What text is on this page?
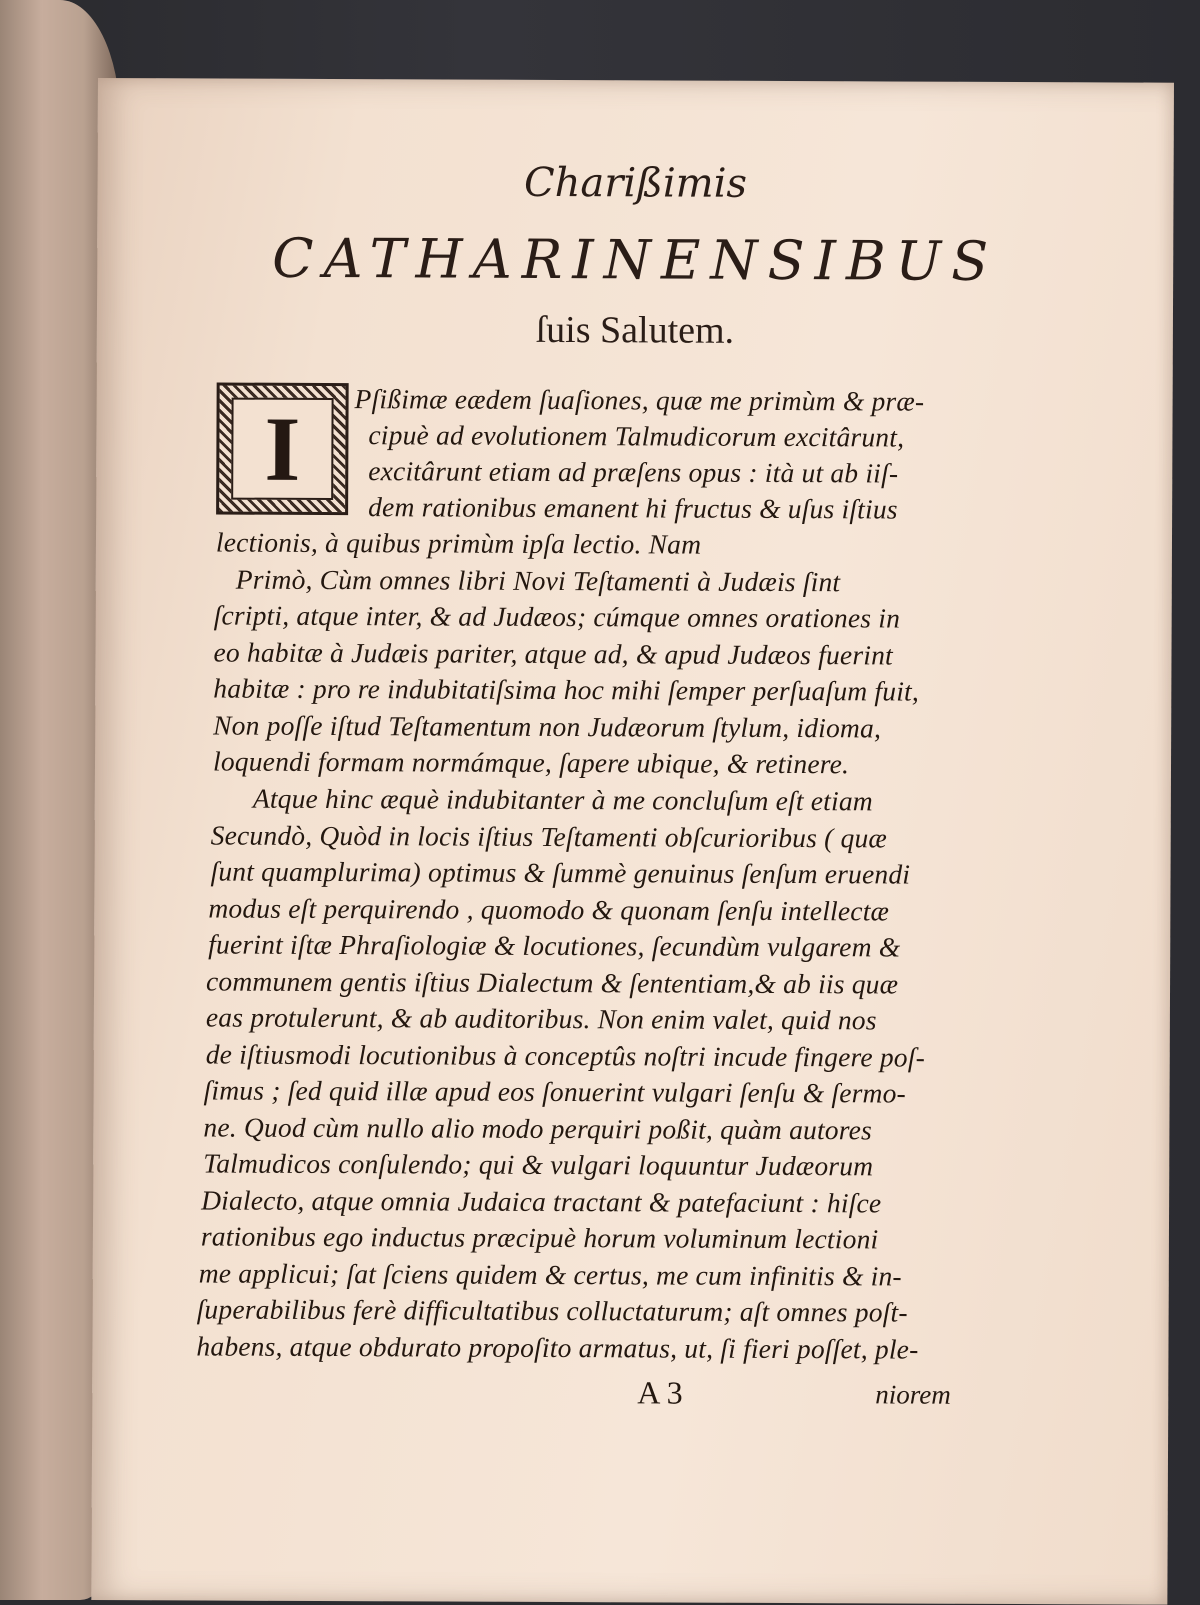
Charißimis
CATHARINENSIBUS
ſuis Salutem.
I	Pſißimæ eædem ſuaſiones, quæ me primùm & præ-
cipuè ad evolutionem Talmudicorum excitârunt,
excitârunt etiam ad præſens opus : ità ut ab iiſ-
dem rationibus emanent hi fructus & uſus iſtius
lectionis, à quibus primùm ipſa lectio. Nam
Primò, Cùm omnes libri Novi Teſtamenti à Judæis ſint
ſcripti, atque inter, & ad Judæos; cúmque omnes orationes in
eo habitæ à Judæis pariter, atque ad, & apud Judæos fuerint
habitæ : pro re indubitatiſsima hoc mihi ſemper perſuaſum fuit,
Non poſſe iſtud Teſtamentum non Judæorum ſtylum, idioma,
loquendi formam normámque, ſapere ubique, & retinere.
Atque hinc æquè indubitanter à me concluſum eſt etiam
Secundò, Quòd in locis iſtius Teſtamenti obſcurioribus ( quæ
ſunt quamplurima) optimus & ſummè genuinus ſenſum eruendi
modus eſt perquirendo , quomodo & quonam ſenſu intellectæ
fuerint iſtæ Phraſiologiæ & locutiones, ſecundùm vulgarem &
communem gentis iſtius Dialectum & ſententiam,& ab iis quæ
eas protulerunt, & ab auditoribus. Non enim valet, quid nos
de iſtiusmodi locutionibus à conceptûs noſtri incude fingere poſ-
ſimus ; ſed quid illæ apud eos ſonuerint vulgari ſenſu & ſermo-
ne. Quod cùm nullo alio modo perquiri poßit, quàm autores
Talmudicos conſulendo; qui & vulgari loquuntur Judæorum
Dialecto, atque omnia Judaica tractant & patefaciunt : hiſce
rationibus ego inductus præcipuè horum voluminum lectioni
me applicui; ſat ſciens quidem & certus, me cum infinitis & in-
ſuperabilibus ferè difficultatibus colluctaturum; aſt omnes poſt-
habens, atque obdurato propoſito armatus, ut, ſi fieri poſſet, ple-
A 3	niorem
